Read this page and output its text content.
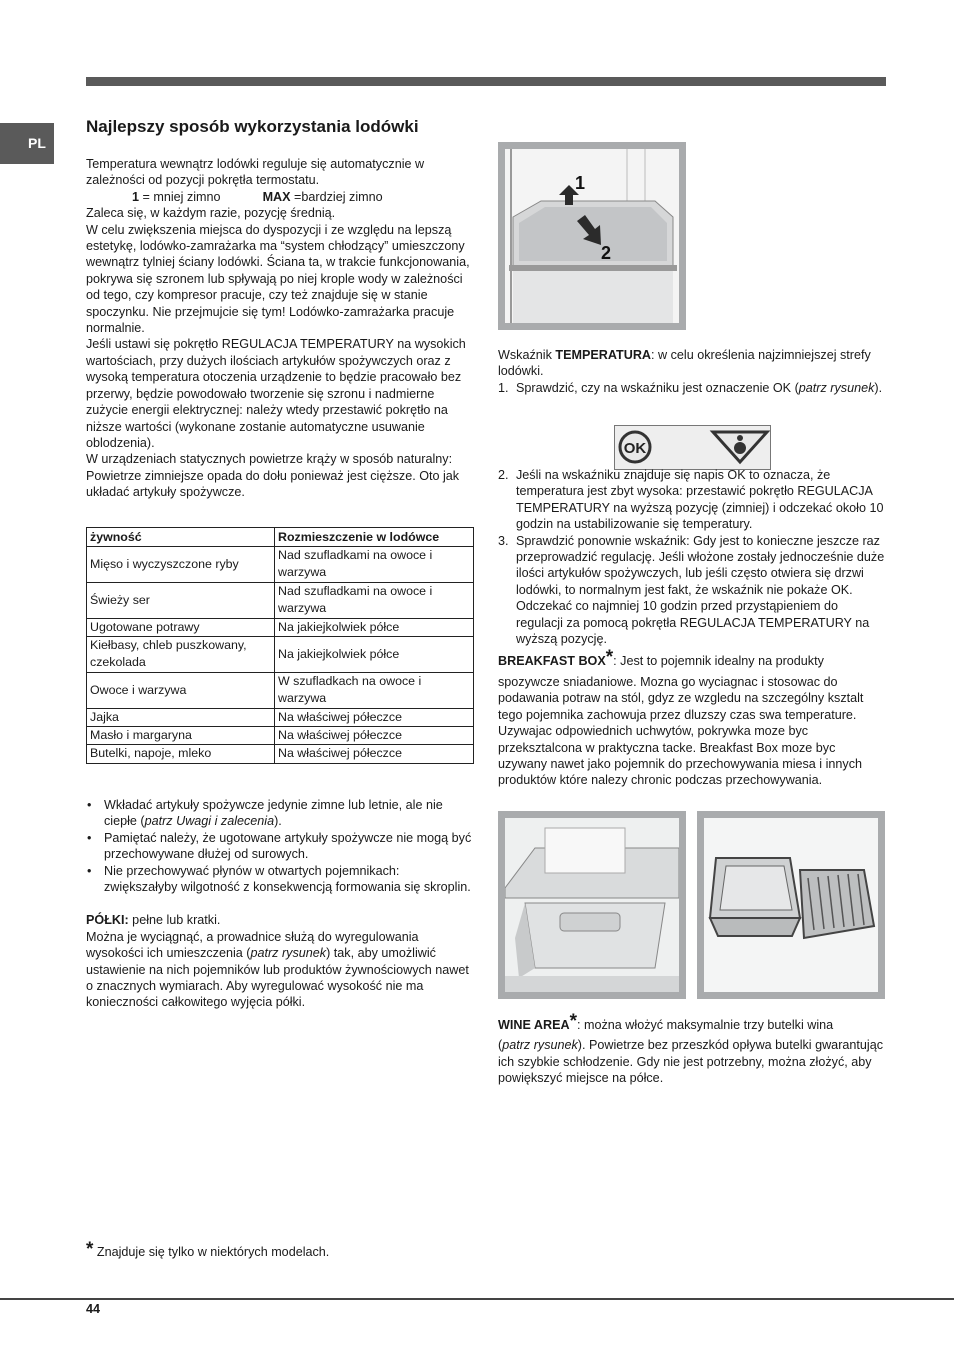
PL
Najlepszy sposób wykorzystania lodówki

Temperatura wewnątrz lodówki reguluje się automatycznie w zależności od pozycji pokrętła termostatu.

1 = mniej zimno	MAX =bardziej zimno

Zaleca się, w każdym razie, pozycję średnią.

W celu zwiększenia miejsca do dyspozycji i ze względu na lepszą estetykę, lodówko-zamrażarka ma “system chłodzący” umieszczony wewnątrz tylniej ściany lodówki. Ściana ta, w trakcie funkcjonowania, pokrywa się szronem lub spływają po niej krople wody w zależności od tego, czy kompresor pracuje, czy też znajduje się w stanie spoczynku. Nie przejmujcie się tym! Lodówko-zamrażarka pracuje normalnie.

Jeśli ustawi się pokrętło REGULACJA TEMPERATURY na wysokich wartościach, przy dużych ilościach artykułów spożywczych oraz z wysoką temperatura otoczenia urządzenie to będzie pracowało bez przerwy, będzie powodowało tworzenie się szronu i nadmierne zużycie energii elektrycznej: należy wtedy przestawić pokrętło na niższe wartości (wykonane zostanie automatyczne usuwanie oblodzenia).

W urządzeniach statycznych powietrze krąży w sposób naturalny: Powietrze zimniejsze opada do dołu ponieważ jest cięższe. Oto jak układać artykuły spożywcze.

żywność	Rozmieszczenie w lodówce
Mięso i wyczyszczone ryby	Nad szufladkami na owoce i warzywa
Świeży ser	Nad szufladkami na owoce i warzywa
Ugotowane potrawy	Na jakiejkolwiek półce
Kiełbasy, chleb puszkowany, czekolada	Na jakiejkolwiek półce
Owoce i warzywa	W szufladkach na owoce i warzywa
Jajka	Na właściwej półeczce
Masło i margaryna	Na właściwej półeczce
Butelki, napoje, mleko	Na właściwej półeczce
• Wkładać artykuły spożywcze jedynie zimne lub letnie, ale nie ciepłe (patrz Uwagi i zalecenia).
• Pamiętać należy, że ugotowane artykuły spożywcze nie mogą być przechowywane dłużej od surowych.
• Nie przechowywać płynów w otwartych pojemnikach: zwiększałyby wilgotność z konsekwencją formowania się skroplin.

PÓŁKI: pełne lub kratki.

Można je wyciągnąć, a prowadnice służą do wyregulowania wysokości ich umieszczenia (patrz rysunek) tak, aby umożliwić ustawienie na nich pojemników lub produktów żywnościowych nawet o znacznych wymiarach. Aby wyregulować wysokość nie ma konieczności całkowitego wyjęcia półki.

1
2

Wskaźnik TEMPERATURA: w celu określenia najzimniejszej strefy lodówki.

1. Sprawdzić, czy na wskaźniku jest oznaczenie OK (patrz rysunek).
OK
2. Jeśli na wskaźniku znajduje się napis OK to oznacza, że temperatura jest zbyt wysoka: przestawić pokrętło REGULACJA TEMPERATURY na wyższą pozycję (zimniej) i odczekać około 10 godzin na ustabilizowanie się temperatury.
3. Sprawdzić ponownie wskaźnik: Gdy jest to konieczne jeszcze raz przeprowadzić regulację. Jeśli włożone zostały jednocześnie duże ilości artykułów spożywczych, lub jeśli często otwiera się drzwi lodówki, to normalnym jest fakt, że wskaźnik nie pokaże OK. Odczekać co najmniej 10 godzin przed przystąpieniem do regulacji za pomocą pokrętła REGULACJA TEMPERATURY na wyższą pozycję.

BREAKFAST BOX*: Jest to pojemnik idealny na produkty

spozywcze sniadaniowe. Mozna go wyciagnac i stosowac do podawania potraw na stól, gdyz ze wzgledu na szczególny ksztalt tego pojemnika zachowuja przez dluzszy czas swa temperature. Uzywajac odpowiednich uchwytów, pokrywka moze byc przeksztalcona w praktyczna tacke. Breakfast Box moze byc uzywany nawet jako pojemnik do przechowywania miesa i innych produktów które nalezy chronic podczas przechowywania.

WINE AREA*: można włożyć maksymalnie trzy butelki wina

(patrz rysunek). Powietrze bez przeszkód opływa butelki gwarantując ich szybkie schłodzenie. Gdy nie jest potrzebny, można złożyć, aby powiększyć miejsce na półce.

* Znajduje się tylko w niektórych modelach.
44
